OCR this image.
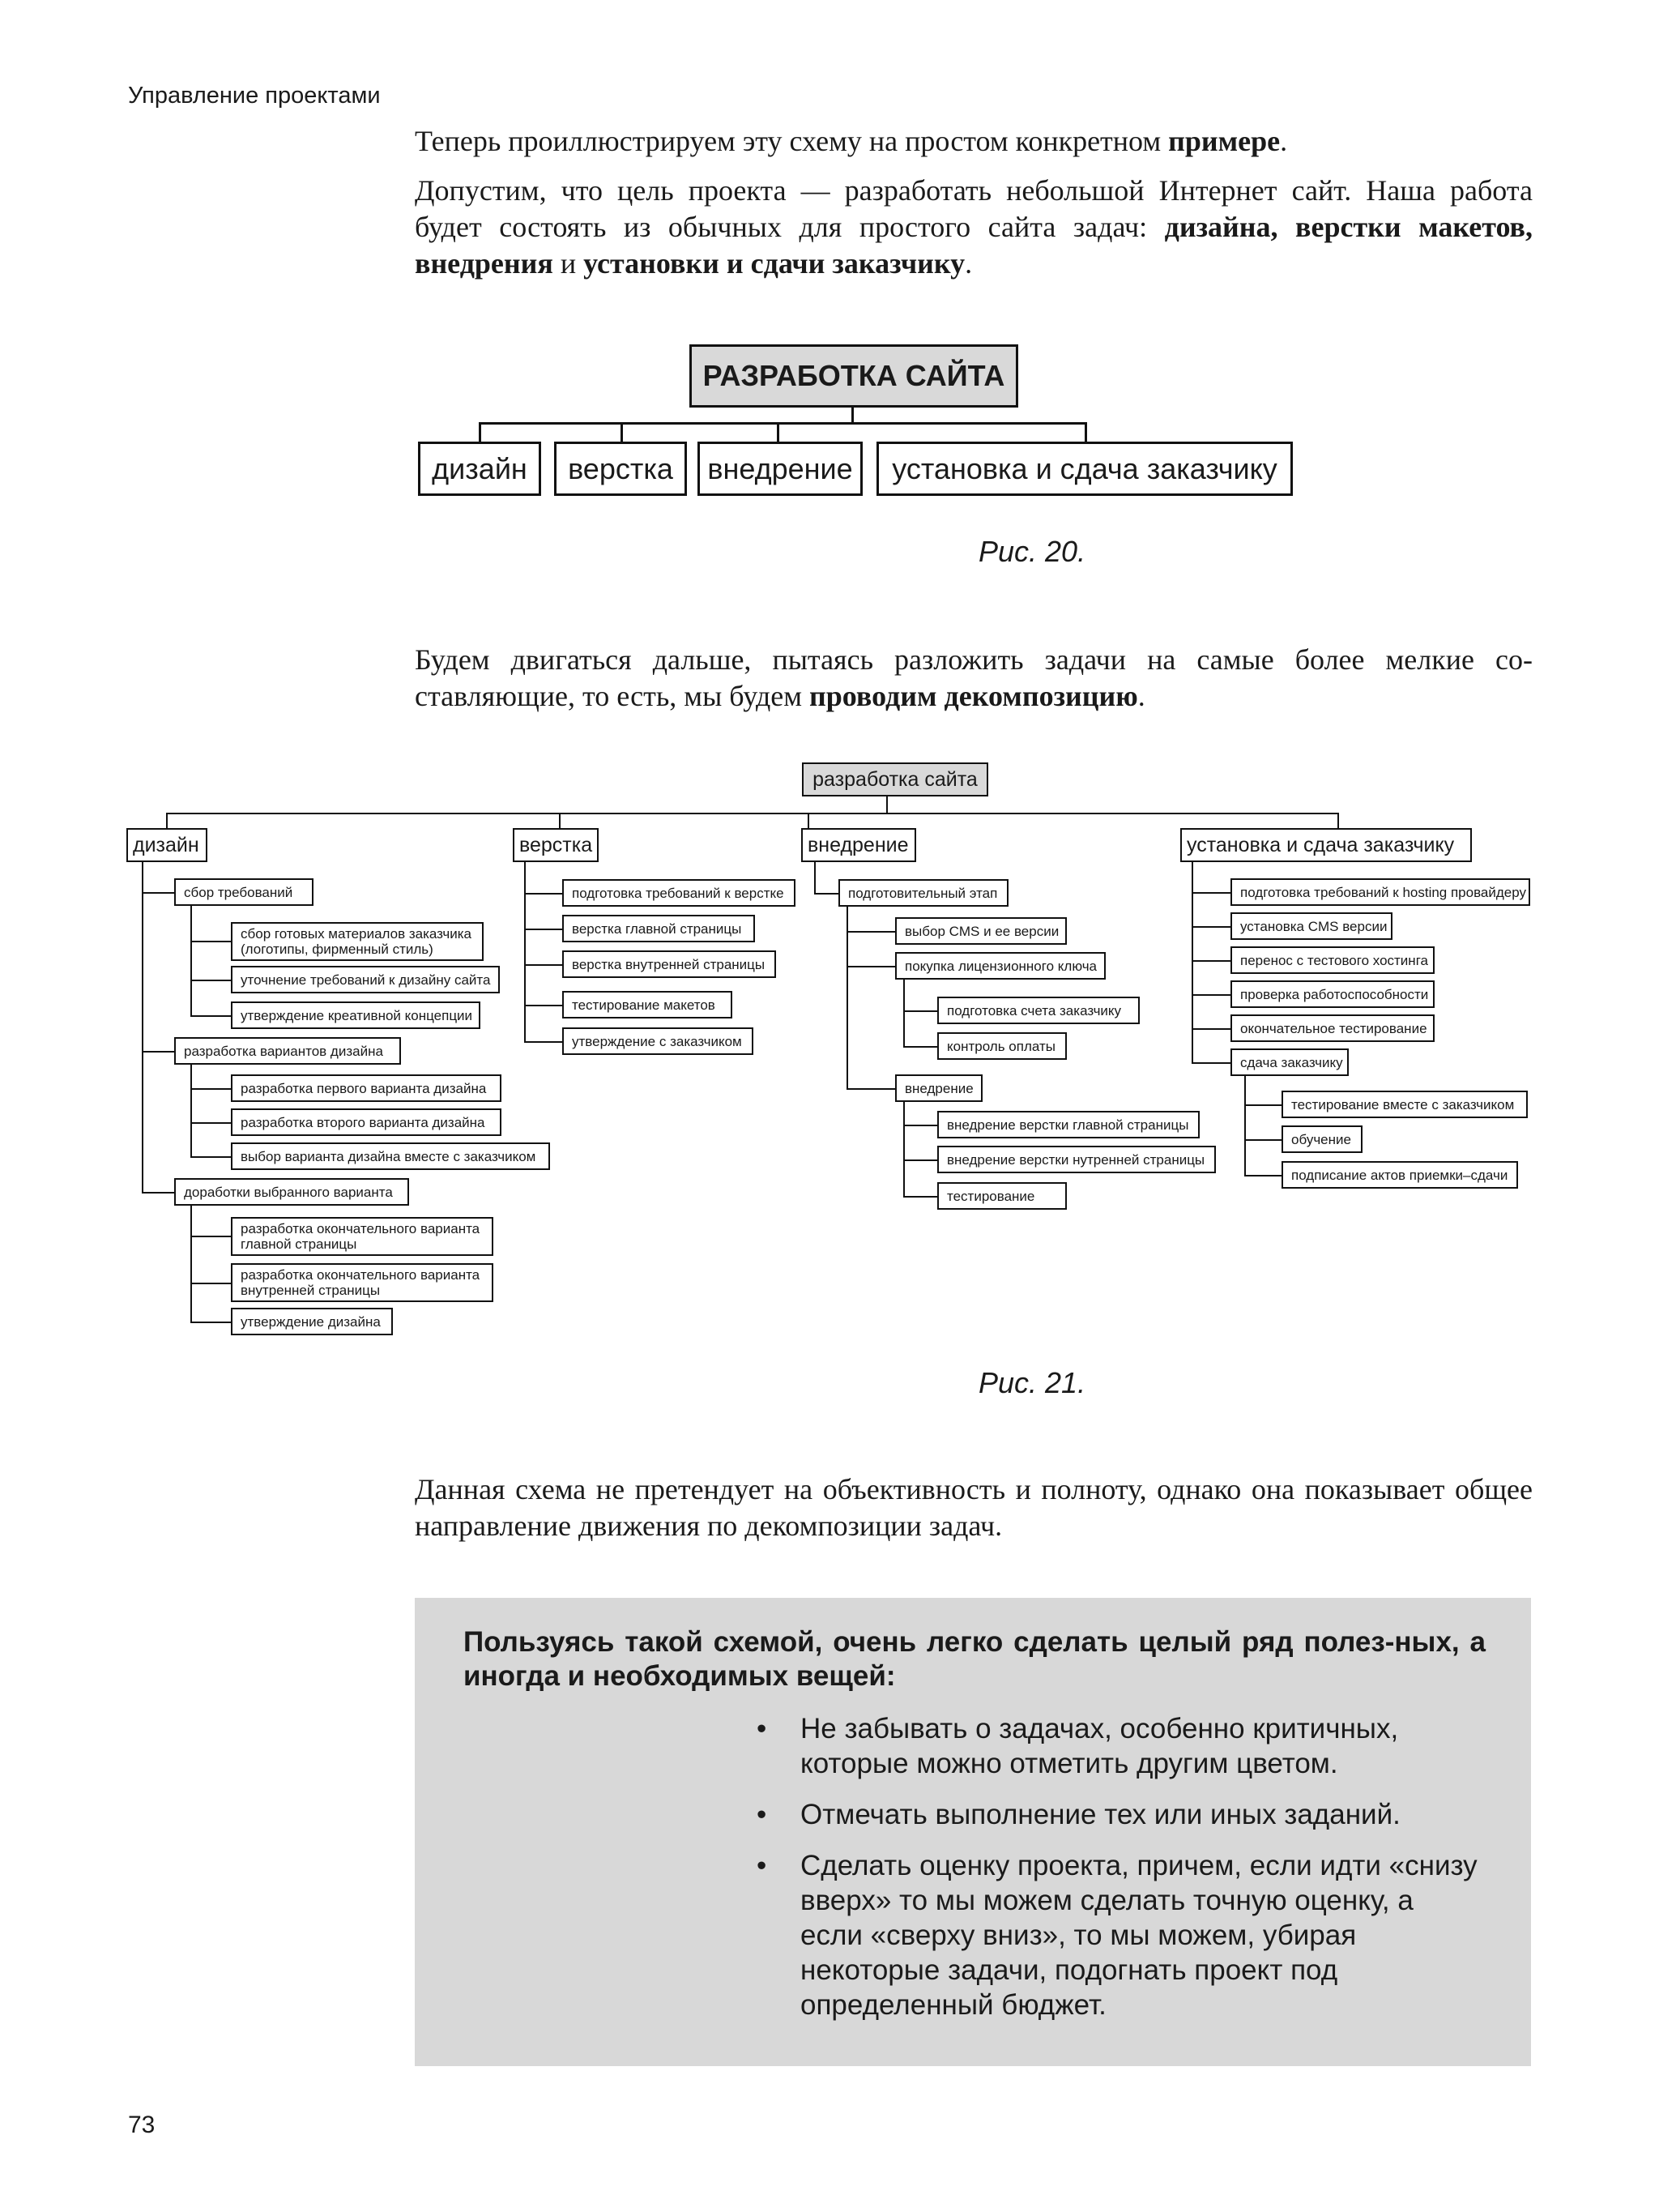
Управление проектами
73

Теперь проиллюстрируем эту схему на простом конкретном примере.

Допустим, что цель проекта — разработать небольшой Интернет сайт. Наша работа будет состоять из обычных для простого сайта задач: дизайна, верстки макетов, внедрения и установки и сдачи заказчику.

РАЗРАБОТКА САЙТА
дизайн верстка внедрение установка и сдача заказчику
Рис. 20.

Будем двигаться дальше, пытаясь разложить задачи на самые более мелкие со-ставляющие, то есть, мы будем проводим декомпозицию.

разработка сайта
дизайн	верстка	внедрение	установка и сдача заказчику
сбор требований
разработка вариантов дизайна
доработки выбранного варианта
сбор готовых материалов заказчика (логотипы, фирменный стиль)
уточнение требований к дизайну сайта
утверждение креативной концепции
разработка первого варианта дизайна
разработка второго варианта дизайна
выбор варианта дизайна вместе с заказчиком
разработка окончательного варианта главной страницы
разработка окончательного варианта внутренней страницы
утверждение дизайна
подготовка требований к верстке
верстка главной страницы
верстка внутренней страницы
тестирование макетов
утверждение с заказчиком
подготовительный этап
выбор CMS и ее версии
покупка лицензионного ключа
подготовка счета заказчику
контроль оплаты
внедрение
внедрение верстки главной страницы
внедрение верстки нутренней страницы
тестирование
подготовка требований к hosting провайдеру
установка CMS версии
перенос с тестового хостинга
проверка работоспособности
окончательное тестирование
сдача заказчику
тестирование вместе с заказчиком
обучение
подписание актов приемки–сдачи
Рис. 21.

Данная схема не претендует на объективность и полноту, однако она показывает общее направление движения по декомпозиции задач.

Пользуясь такой схемой, очень легко сделать целый ряд полез-ных, а иногда и необходимых вещей:
• Не забывать о задачах, особенно критичных, которые можно отметить другим цветом.
• Отмечать выполнение тех или иных заданий.
• Сделать оценку проекта, причем, если идти «снизу вверх» то мы можем сделать точную оценку, а если «сверху вниз», то мы можем, убирая некоторые задачи, подогнать проект под определенный бюджет.
